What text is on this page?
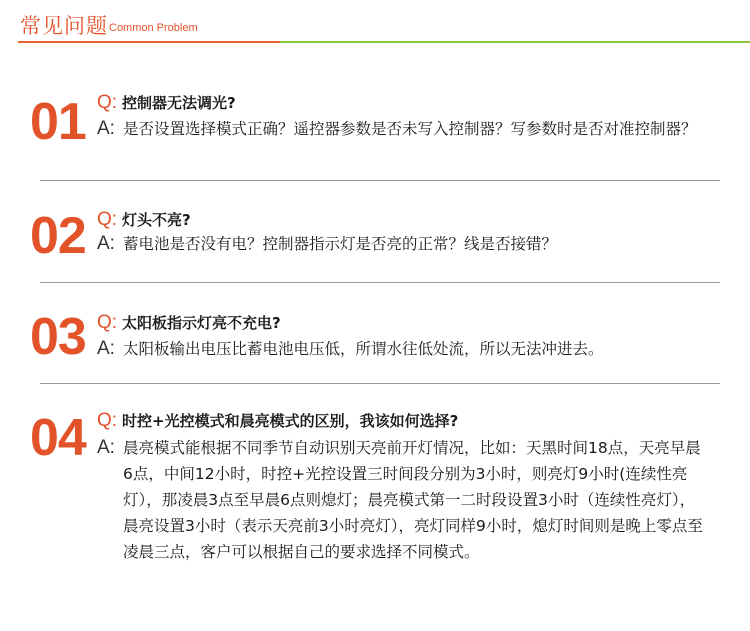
常见问题 Common Problem
01 Q: 控制器无法调光?
A: 是否设置选择模式正确？遥控器参数是否未写入控制器？写参数时是否对准控制器？
02 Q: 灯头不亮?
A: 蓄电池是否没有电？控制器指示灯是否亮的正常？线是否接错？
03 Q: 太阳板指示灯亮不充电?
A: 太阳板输出电压比蓄电池电压低，所谓水往低处流，所以无法冲进去。
04 Q: 时控+光控模式和晨亮模式的区别，我该如何选择?
A: 晨亮模式能根据不同季节自动识别天亮前开灯情况，比如：天黑时间18点，天亮早晨6点，中间12小时，时控+光控设置三时间段分别为3小时，则亮灯9小时(连续性亮灯），那凌晨3点至早晨6点则熄灯；晨亮模式第一二时段设置3小时（连续性亮灯），晨亮设置3小时（表示天亮前3小时亮灯），亮灯同样9小时，熄灯时间则是晚上零点至凌晨三点，客户可以根据自己的要求选择不同模式。
